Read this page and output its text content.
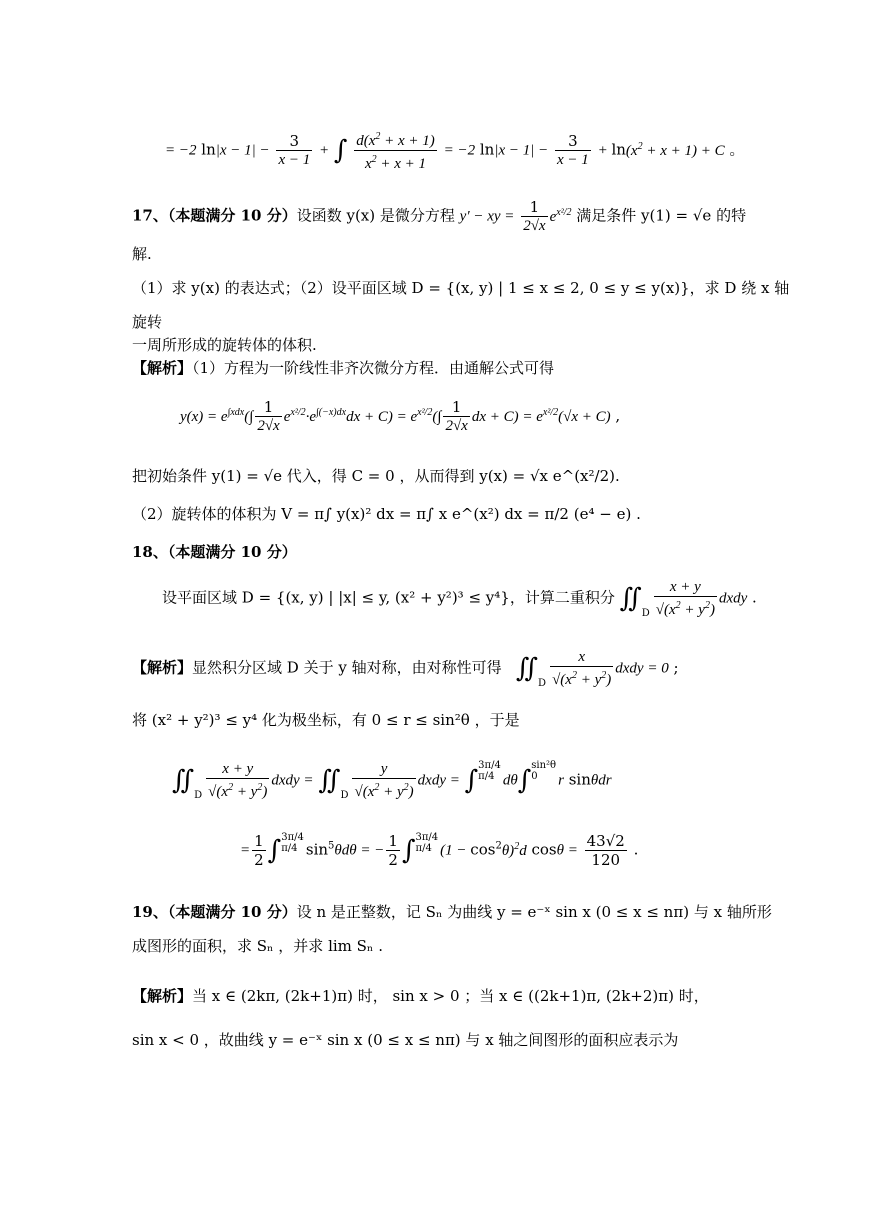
= −2 $\ln|x - 1| - \frac{3}{x - 1}$ + ∫ $\frac{d(x^2 + x + 1)}{x^2 + x + 1} = -2$ $\ln|x - 1| - \frac{3}{x - 1} + \ln(x^2 + x + 1) + C$ 。
17、（本题满分 10 分）设函数 y(x) 是微分方程 y′ − xy = $\frac{1}{2√x} e^{x^2/2}$ 满足条件 y(1) = √e 的特
解.
（1）求 y(x) 的表达式；（2）设平面区域 D = {(x, y) | 1 ≤ x ≤ 2, 0 ≤ y ≤ y(x)}，求 D 绕 x 轴
旋转
一周所形成的旋转体的体积.
【解析】（1）方程为一阶线性非齐次微分方程．由通解公式可得
$y(x) = e^{\int xdx}(\int \frac{1}{2√x} e^{x^2/2}\cdot e^{\int(-x)dx}dx + C) = e^{x^2/2}(\int \frac{1}{2√x}$ dx + $C) = e^{x^2/2}(√x + C)$ ,
把初始条件 y(1) = √e 代入，得 C = 0 ，从而得到 y(x) = √x e^(x²/2).
（2）旋转体的体积为 V = π∫ y(x)² dx = π∫ x e^(x²) dx = π/2 (e⁴ − e) .
18、（本题满分 10 分）
设平面区域 D = {(x, y) | |x| ≤ y, (x² + y²)³ ≤ y⁴}，计算二重积分 ∬D $\frac{x + y}{√(x^2 + y^2)}$ dxdy .
【解析】显然积分区域 D 关于 y 轴对称，由对称性可得 ∬D $\frac{x}{√(x^2 + y^2)}$ dxdy = 0 ;
将 (x² + y²)³ ≤ y⁴ 化为极坐标，有 0 ≤ r ≤ sin²θ ，于是
∬D $\frac{x + y}{√(x^2 + y^2)}$ dxdy = ∬D $\frac{y}{√(x^2 + y^2)}$ dxdy = ∫3π/4
π/4 dθ∫sin²θ
0 r sinθdr
= $\frac{1}{2} \int 3\pi/4$
π/4 $\sin^5\theta d\theta$ = − $\frac{1}{2} \int 3\pi/4$
π/4 $(1 - \cos^2\theta)^2d$ $\cos\theta = \frac{43√2}{120}$ .
19、（本题满分 10 分）设 n 是正整数，记 Sₙ 为曲线 y = e⁻ˣ sin x (0 ≤ x ≤ nπ) 与 x 轴所形
成图形的面积，求 Sₙ ，并求 lim Sₙ .
【解析】当 x ∈ (2kπ, (2k+1)π) 时， sin x > 0 ；当 x ∈ ((2k+1)π, (2k+2)π) 时，
sin x < 0 ，故曲线 y = e⁻ˣ sin x (0 ≤ x ≤ nπ) 与 x 轴之间图形的面积应表示为
